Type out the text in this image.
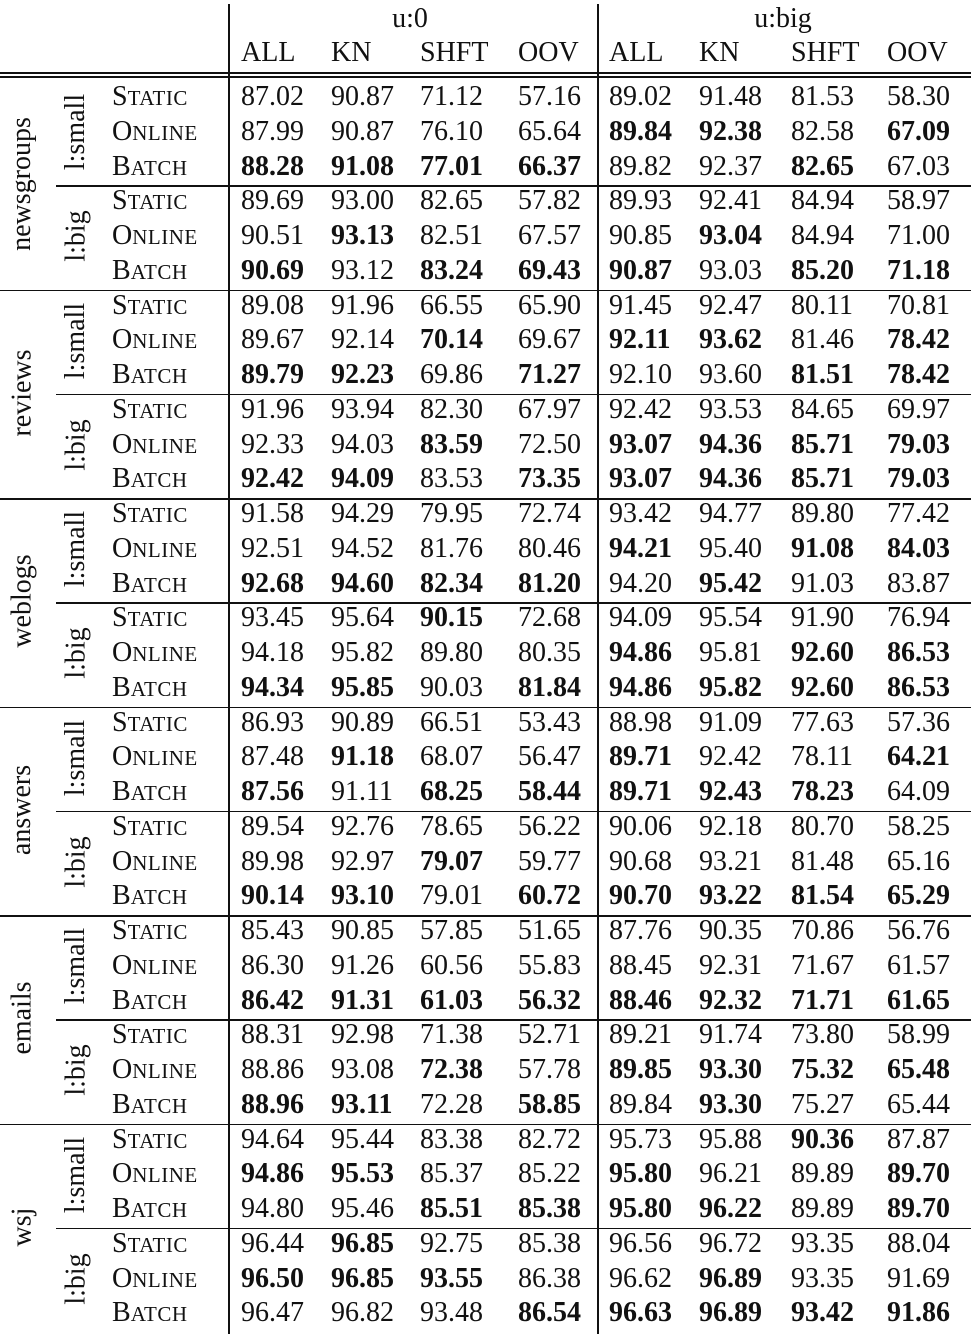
u:0	u:big
ALL KN SHFT OOV ALL KN SHFT OOV
newsgroups l:small STATIC 87.02 90.87 71.12 57.16 89.02 91.48 81.53 58.30
ONLINE 87.99 90.87 76.10 65.64 89.84 92.38 82.58 67.09
BATCH 88.28 91.08 77.01 66.37 89.82 92.37 82.65 67.03
l:big
STATIC 89.69 93.00 82.65 57.82 89.93 92.41 84.94 58.97
ONLINE 90.51 93.13 82.51 67.57 90.85 93.04 84.94 71.00
BATCH 90.69 93.12 83.24 69.43 90.87 93.03 85.20 71.18
reviews
l:small STATIC 89.08 91.96 66.55 65.90 91.45 92.47 80.11 70.81
ONLINE 89.67 92.14 70.14 69.67 92.11 93.62 81.46 78.42
BATCH 89.79 92.23 69.86 71.27 92.10 93.60 81.51 78.42
l:big
STATIC 91.96 93.94 82.30 67.97 92.42 93.53 84.65 69.97
ONLINE 92.33 94.03 83.59 72.50 93.07 94.36 85.71 79.03
BATCH 92.42 94.09 83.53 73.35 93.07 94.36 85.71 79.03
weblogs
l:small STATIC 91.58 94.29 79.95 72.74 93.42 94.77 89.80 77.42
ONLINE 92.51 94.52 81.76 80.46 94.21 95.40 91.08 84.03
BATCH 92.68 94.60 82.34 81.20 94.20 95.42 91.03 83.87
l:big
STATIC 93.45 95.64 90.15 72.68 94.09 95.54 91.90 76.94
ONLINE 94.18 95.82 89.80 80.35 94.86 95.81 92.60 86.53
BATCH 94.34 95.85 90.03 81.84 94.86 95.82 92.60 86.53
answers
l:small STATIC 86.93 90.89 66.51 53.43 88.98 91.09 77.63 57.36
ONLINE 87.48 91.18 68.07 56.47 89.71 92.42 78.11 64.21
BATCH 87.56 91.11 68.25 58.44 89.71 92.43 78.23 64.09
l:big
STATIC 89.54 92.76 78.65 56.22 90.06 92.18 80.70 58.25
ONLINE 89.98 92.97 79.07 59.77 90.68 93.21 81.48 65.16
BATCH 90.14 93.10 79.01 60.72 90.70 93.22 81.54 65.29
emails
l:small STATIC 85.43 90.85 57.85 51.65 87.76 90.35 70.86 56.76
ONLINE 86.30 91.26 60.56 55.83 88.45 92.31 71.67 61.57
BATCH 86.42 91.31 61.03 56.32 88.46 92.32 71.71 61.65
l:big
STATIC 88.31 92.98 71.38 52.71 89.21 91.74 73.80 58.99
ONLINE 88.86 93.08 72.38 57.78 89.85 93.30 75.32 65.48
BATCH 88.96 93.11 72.28 58.85 89.84 93.30 75.27 65.44
wsj
l:small STATIC 94.64 95.44 83.38 82.72 95.73 95.88 90.36 87.87
ONLINE 94.86 95.53 85.37 85.22 95.80 96.21 89.89 89.70
BATCH 94.80 95.46 85.51 85.38 95.80 96.22 89.89 89.70
l:big
STATIC 96.44 96.85 92.75 85.38 96.56 96.72 93.35 88.04
ONLINE 96.50 96.85 93.55 86.38 96.62 96.89 93.35 91.69
BATCH 96.47 96.82 93.48 86.54 96.63 96.89 93.42 91.86
